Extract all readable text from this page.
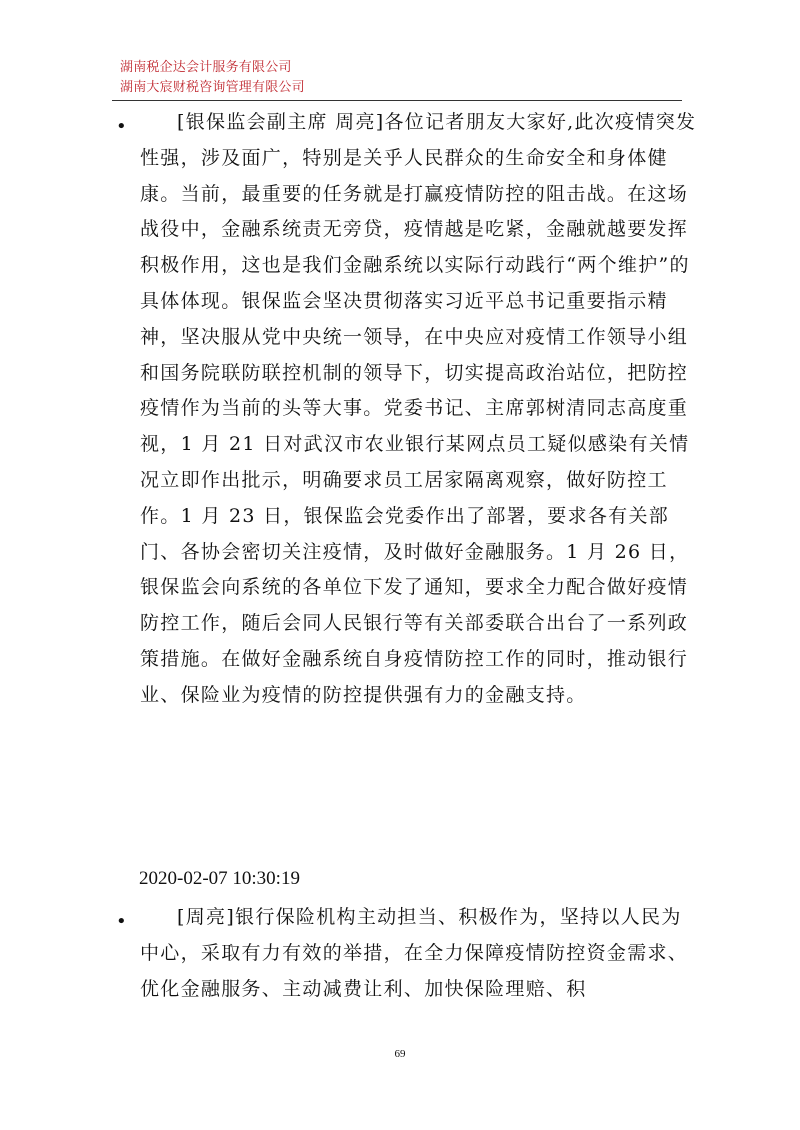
湖南税企达会计服务有限公司
湖南大宸财税咨询管理有限公司
•	[银保监会副主席 周亮]各位记者朋友大家好,此次疫情突发性强，涉及面广，特别是关乎人民群众的生命安全和身体健康。当前，最重要的任务就是打赢疫情防控的阻击战。在这场战役中，金融系统责无旁贷，疫情越是吃紧，金融就越要发挥积极作用，这也是我们金融系统以实际行动践行“两个维护”的具体体现。银保监会坚决贯彻落实习近平总书记重要指示精神，坚决服从党中央统一领导，在中央应对疫情工作领导小组和国务院联防联控机制的领导下，切实提高政治站位，把防控疫情作为当前的头等大事。党委书记、主席郭树清同志高度重视，1 月 21 日对武汉市农业银行某网点员工疑似感染有关情况立即作出批示，明确要求员工居家隔离观察，做好防控工作。1 月 23 日，银保监会党委作出了部署，要求各有关部门、各协会密切关注疫情，及时做好金融服务。1 月 26 日，银保监会向系统的各单位下发了通知，要求全力配合做好疫情防控工作，随后会同人民银行等有关部委联合出台了一系列政策措施。在做好金融系统自身疫情防控工作的同时，推动银行业、保险业为疫情的防控提供强有力的金融支持。

2020-02-07 10:30:19
•	[周亮]银行保险机构主动担当、积极作为，坚持以人民为中心，采取有力有效的举措，在全力保障疫情防控资金需求、优化金融服务、主动减费让利、加快保险理赔、积

69
